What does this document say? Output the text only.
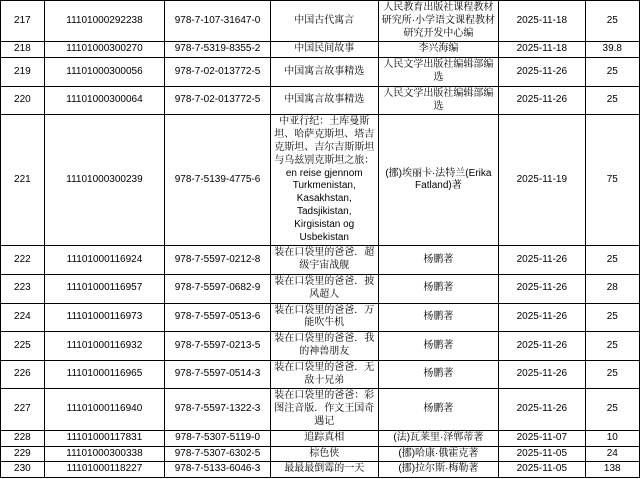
217	11101000292238	978-7-107-31647-0	中国古代寓言	人民教育出版社课程教材研究所·小学语文课程教材研究开发中心编	2025-11-18	25
218	11101000300270	978-7-5319-8355-2	中国民间故事	李兴海编	2025-11-18	39.8
219	11101000300056	978-7-02-013772-5	中国寓言故事精选	人民文学出版社编辑部编选	2025-11-26	25
220	11101000300064	978-7-02-013772-5	中国寓言故事精选	人民文学出版社编辑部编选	2025-11-26	25
221	11101000300239	978-7-5139-4775-6	中亚行纪：土库曼斯坦、哈萨克斯坦、塔吉克斯坦、吉尔吉斯斯坦与乌兹别克斯坦之旅：en reise gjennom Turkmenistan, Kasakhstan, Tadsjikistan, Kirgisistan og Usbekistan	(挪)埃丽卡·法特兰(Erika Fatland)著	2025-11-19	75
222	11101000116924	978-7-5597-0212-8	装在口袋里的爸爸．超级宇宙战舰	杨鹏著	2025-11-26	25
223	11101000116957	978-7-5597-0682-9	装在口袋里的爸爸．披风超人	杨鹏著	2025-11-26	28
224	11101000116973	978-7-5597-0513-6	装在口袋里的爸爸．万能吹牛机	杨鹏著	2025-11-26	25
225	11101000116932	978-7-5597-0213-5	装在口袋里的爸爸．我的神兽朋友	杨鹏著	2025-11-26	25
226	11101000116965	978-7-5597-0514-3	装在口袋里的爸爸．无敌十兄弟	杨鹏著	2025-11-26	25
227	11101000116940	978-7-5597-1322-3	装在口袋里的爸爸：彩图注音版．作文王国奇遇记	杨鹏著	2025-11-26	25
228	11101000117831	978-7-5307-5119-0	追踪真相	(法)瓦莱里·泽郸蒂著	2025-11-07	10
229	11101000300338	978-7-5307-6302-5	棕色侠	(挪)哈康·俄霍克著	2025-11-05	24
230	11101000118227	978-7-5133-6046-3	最最最倒霉的一天	(挪)拉尔斯·梅勒著	2025-11-05	138
